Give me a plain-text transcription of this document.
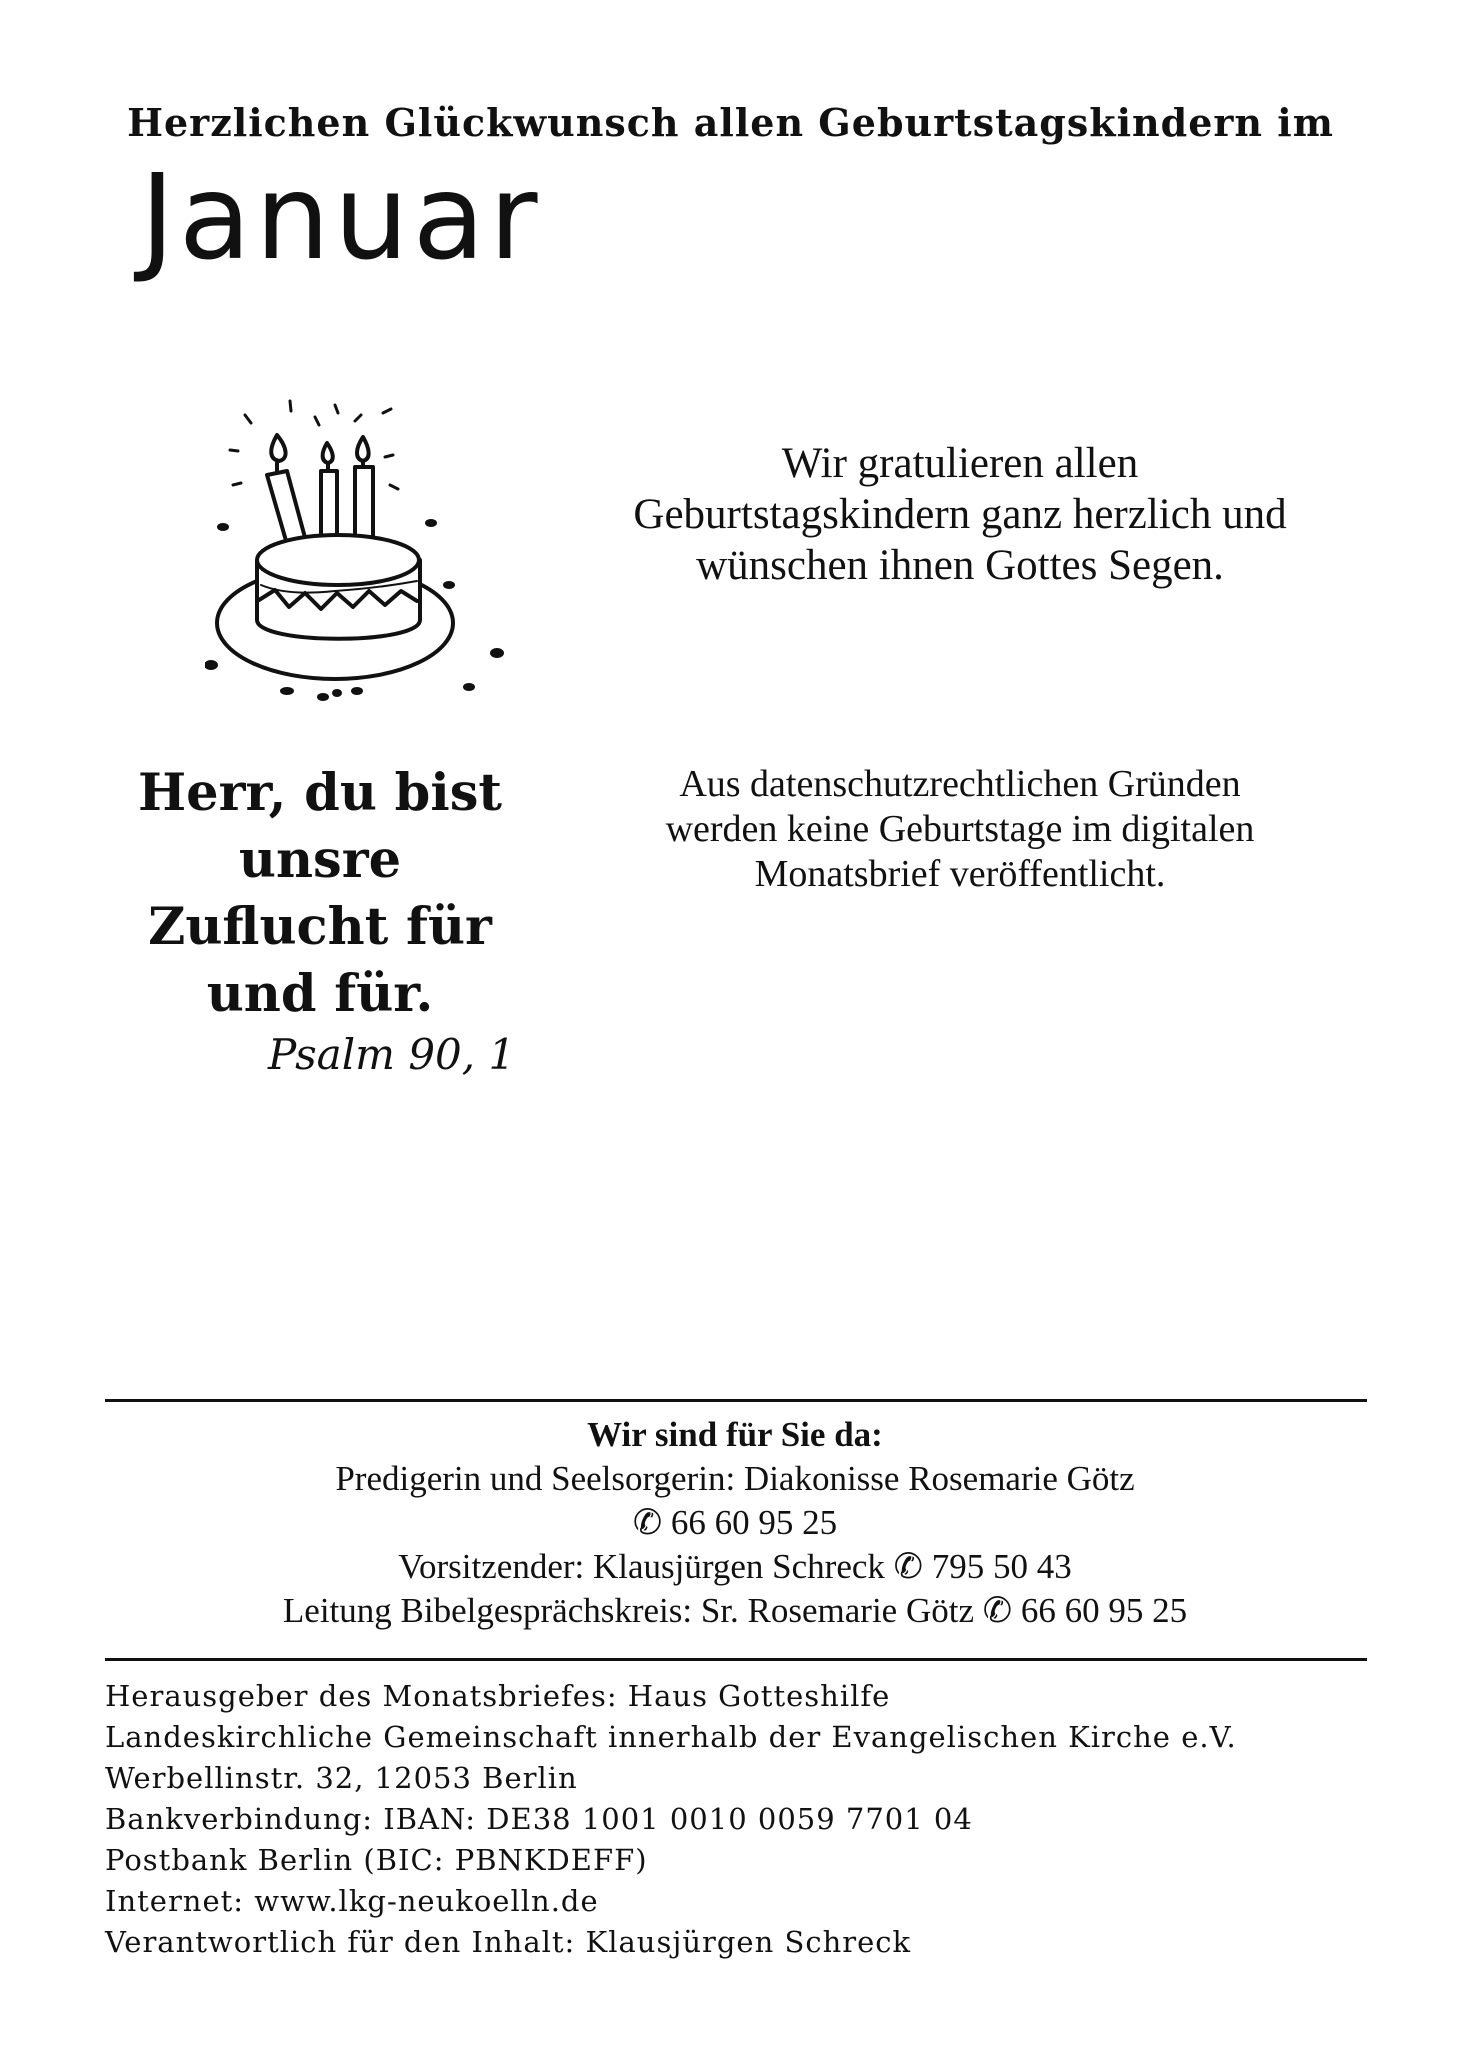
Herzlichen Glückwunsch allen Geburtstagskindern im
Januar
Wir gratulieren allen
Geburtstagskindern ganz herzlich und
wünschen ihnen Gottes Segen.
Herr, du bist
unsre
Zuflucht für
und für.
Psalm 90, 1
Aus datenschutzrechtlichen Gründen
werden keine Geburtstage im digitalen
Monatsbrief veröffentlicht.
Wir sind für Sie da:
Predigerin und Seelsorgerin: Diakonisse Rosemarie Götz
✆ 66 60 95 25
Vorsitzender: Klausjürgen Schreck ✆ 795 50 43
Leitung Bibelgesprächskreis: Sr. Rosemarie Götz ✆ 66 60 95 25
Herausgeber des Monatsbriefes: Haus Gotteshilfe
Landeskirchliche Gemeinschaft innerhalb der Evangelischen Kirche e.V.
Werbellinstr. 32, 12053 Berlin
Bankverbindung: IBAN: DE38 1001 0010 0059 7701 04
Postbank Berlin (BIC: PBNKDEFF)
Internet: www.lkg-neukoelln.de
Verantwortlich für den Inhalt: Klausjürgen Schreck
